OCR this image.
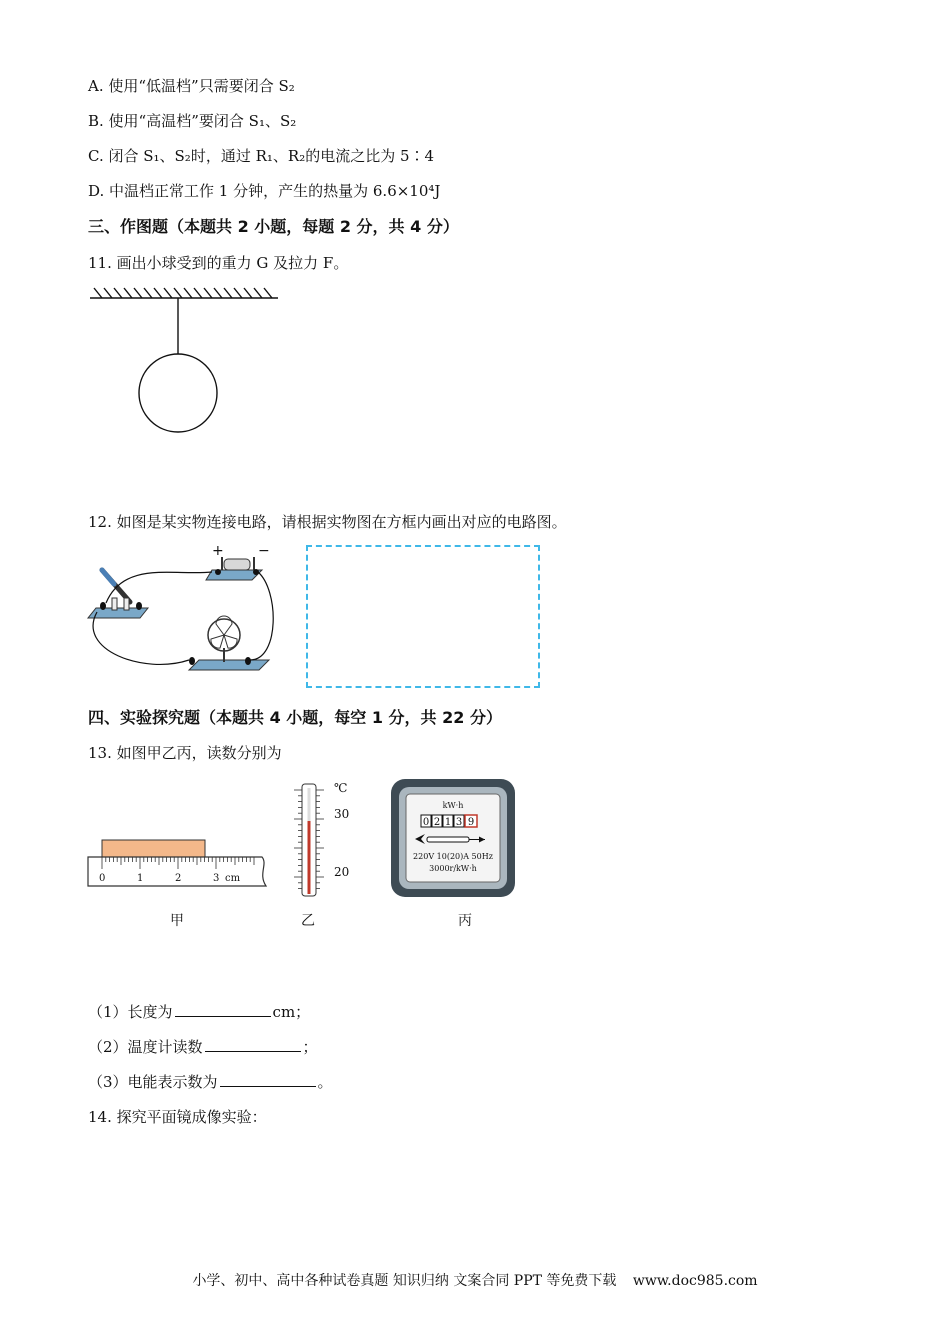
A. 使用“低温档”只需要闭合 S₂
B. 使用“高温档”要闭合 S₁、S₂
C. 闭合 S₁、S₂时，通过 R₁、R₂的电流之比为 5∶4
D. 中温档正常工作 1 分钟，产生的热量为 6.6×10⁴J
三、作图题（本题共 2 小题，每题 2 分，共 4 分）
11. 画出小球受到的重力 G 及拉力 F。
12. 如图是某实物连接电路，请根据实物图在方框内画出对应的电路图。
+ −
四、实验探究题（本题共 4 小题，每空 1 分，共 22 分）
13. 如图甲乙丙，读数分别为
0	1	2	3 cm
℃
30
20
kW·h
0 2 1 3 9
220V 10(20)A 50Hz
3000r/kW·h
甲	乙	丙
（1）长度为	cm；
（2）温度计读数	；
（3）电能表示数为	。
14. 探究平面镜成像实验：
小学、初中、高中各种试卷真题 知识归纳 文案合同 PPT 等免费下载 www.doc985.com
